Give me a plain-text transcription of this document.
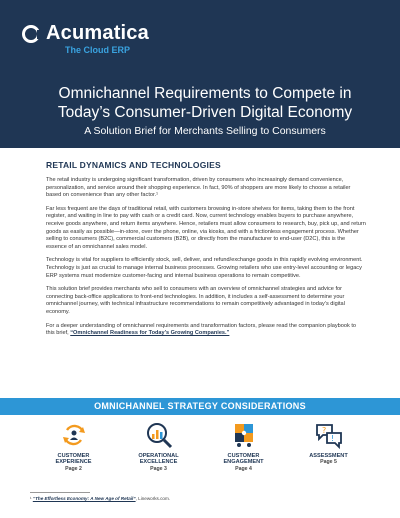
Acumatica
The Cloud ERP
Omnichannel Requirements to Compete in
Today’s Consumer-Driven Digital Economy
A Solution Brief for Merchants Selling to Consumers
RETAIL DYNAMICS AND TECHNOLOGIES

The retail industry is undergoing significant transformation, driven by consumers who increasingly demand convenience, personalization, and service around their shopping experience. In fact, 90% of shoppers are more likely to choose a retailer based on convenience than any other factor.¹

Far less frequent are the days of traditional retail, with customers browsing in-store shelves for items, taking them to the front register, and waiting in line to pay with cash or a credit card. Now, current technology enables buyers to purchase anywhere, receive goods anywhere, and return items anywhere. Hence, retailers must allow consumers to research, buy, pick up, and return goods as easily as possible—in-store, over the phone, online, via kiosks, and with a frictionless engagement process. Whether selling to consumers (B2C), commercial customers (B2B), or directly from the manufacturer to end-user (D2C), this is the essence of an omnichannel sales model.

Technology is vital for suppliers to efficiently stock, sell, deliver, and refund/exchange goods in this rapidly evolving environment. Technology is just as crucial to manage internal business processes. Growing retailers who use entry-level accounting or legacy ERP systems must modernize customer-facing and internal business operations to remain competitive.

This solution brief provides merchants who sell to consumers with an overview of omnichannel strategies and advice for connecting back-office applications to front-end technologies. In addition, it includes a self-assessment to determine your omnichannel journey, with technical infrastructure recommendations to remain competitively advantaged in today’s digital economy.

For a deeper understanding of omnichannel requirements and transformation factors, please read the companion playbook to this brief, “Omnichannel Readiness for Today’s Growing Companies.”

OMNICHANNEL STRATEGY CONSIDERATIONS
CUSTOMER
EXPERIENCE
Page 2
OPERATIONAL
EXCELLENCE
Page 3
CUSTOMER
ENGAGEMENT
Page 4
?
!
ASSESSMENT
Page 5
¹ “The Effortless Economy: A New Age of Retail”, Lineworks.com.
